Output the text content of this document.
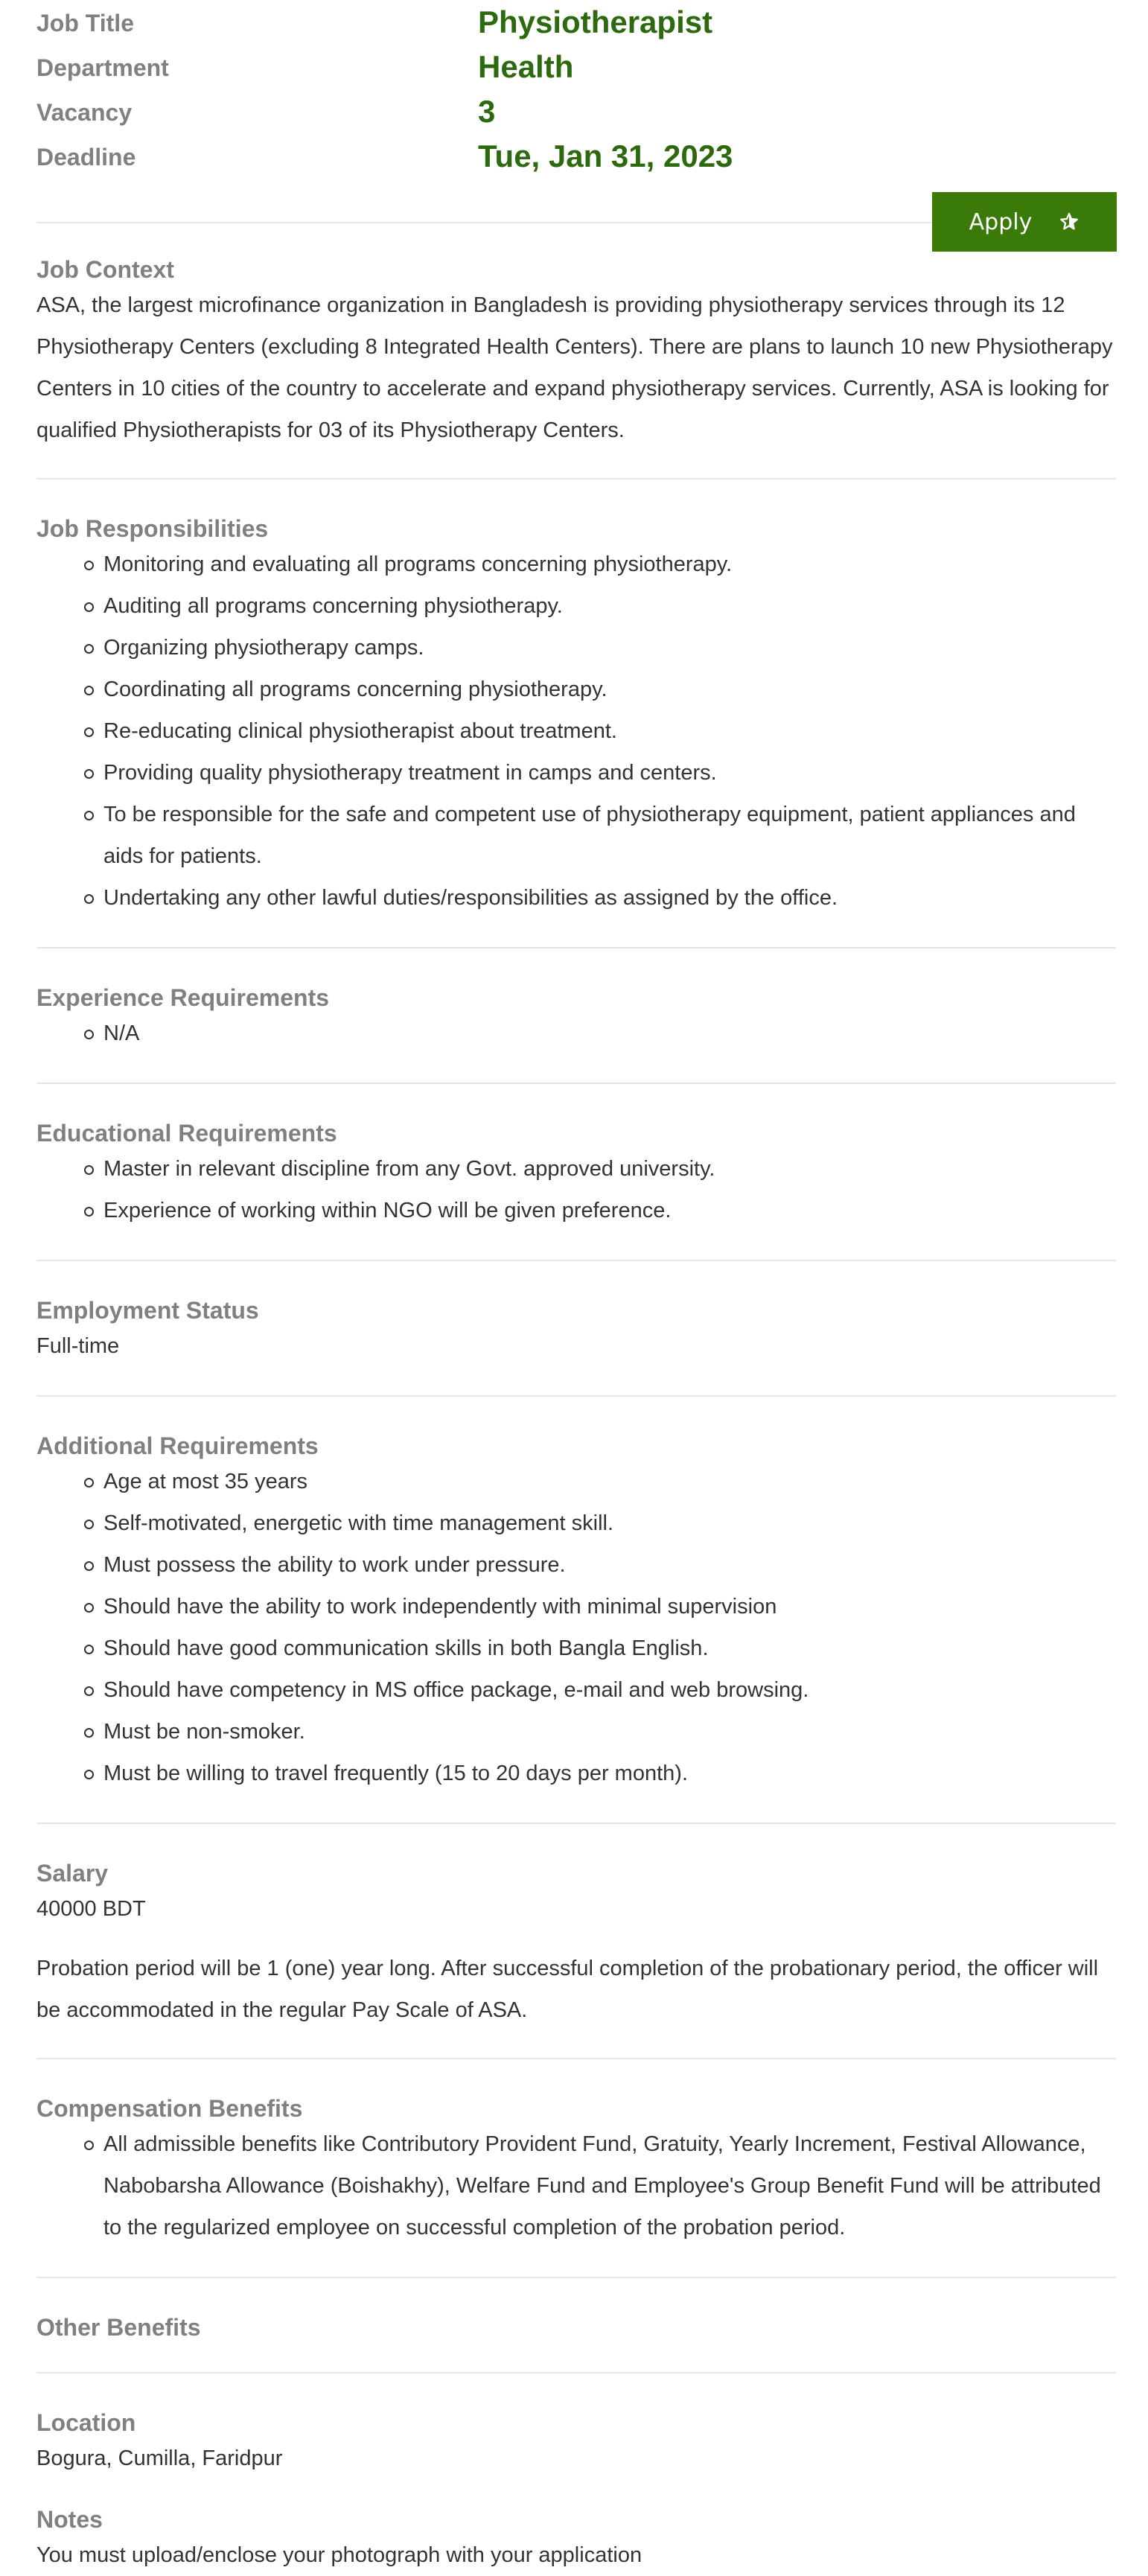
Job Title	Physiotherapist
Department	Health
Vacancy	3
Deadline	Tue, Jan 31, 2023
Apply
Job Context

ASA, the largest microfinance organization in Bangladesh is providing physiotherapy services through its 12 Physiotherapy Centers (excluding 8 Integrated Health Centers). There are plans to launch 10 new Physiotherapy Centers in 10 cities of the country to accelerate and expand physiotherapy services. Currently, ASA is looking for qualified Physiotherapists for 03 of its Physiotherapy Centers.

Job Responsibilities
Monitoring and evaluating all programs concerning physiotherapy.
Auditing all programs concerning physiotherapy.
Organizing physiotherapy camps.
Coordinating all programs concerning physiotherapy.
Re-educating clinical physiotherapist about treatment.
Providing quality physiotherapy treatment in camps and centers.
To be responsible for the safe and competent use of physiotherapy equipment, patient appliances and aids for patients.
Undertaking any other lawful duties/responsibilities as assigned by the office.
Experience Requirements
N/A
Educational Requirements
Master in relevant discipline from any Govt. approved university.
Experience of working within NGO will be given preference.
Employment Status

Full-time

Additional Requirements
Age at most 35 years
Self-motivated, energetic with time management skill.
Must possess the ability to work under pressure.
Should have the ability to work independently with minimal supervision
Should have good communication skills in both Bangla English.
Should have competency in MS office package, e-mail and web browsing.
Must be non-smoker.
Must be willing to travel frequently (15 to 20 days per month).
Salary

40000 BDT

Probation period will be 1 (one) year long. After successful completion of the probationary period, the officer will be accommodated in the regular Pay Scale of ASA.

Compensation Benefits
All admissible benefits like Contributory Provident Fund, Gratuity, Yearly Increment, Festival Allowance, Nabobarsha Allowance (Boishakhy), Welfare Fund and Employee's Group Benefit Fund will be attributed to the regularized employee on successful completion of the probation period.
Other Benefits
Location

Bogura, Cumilla, Faridpur

Notes

You must upload/enclose your photograph with your application
